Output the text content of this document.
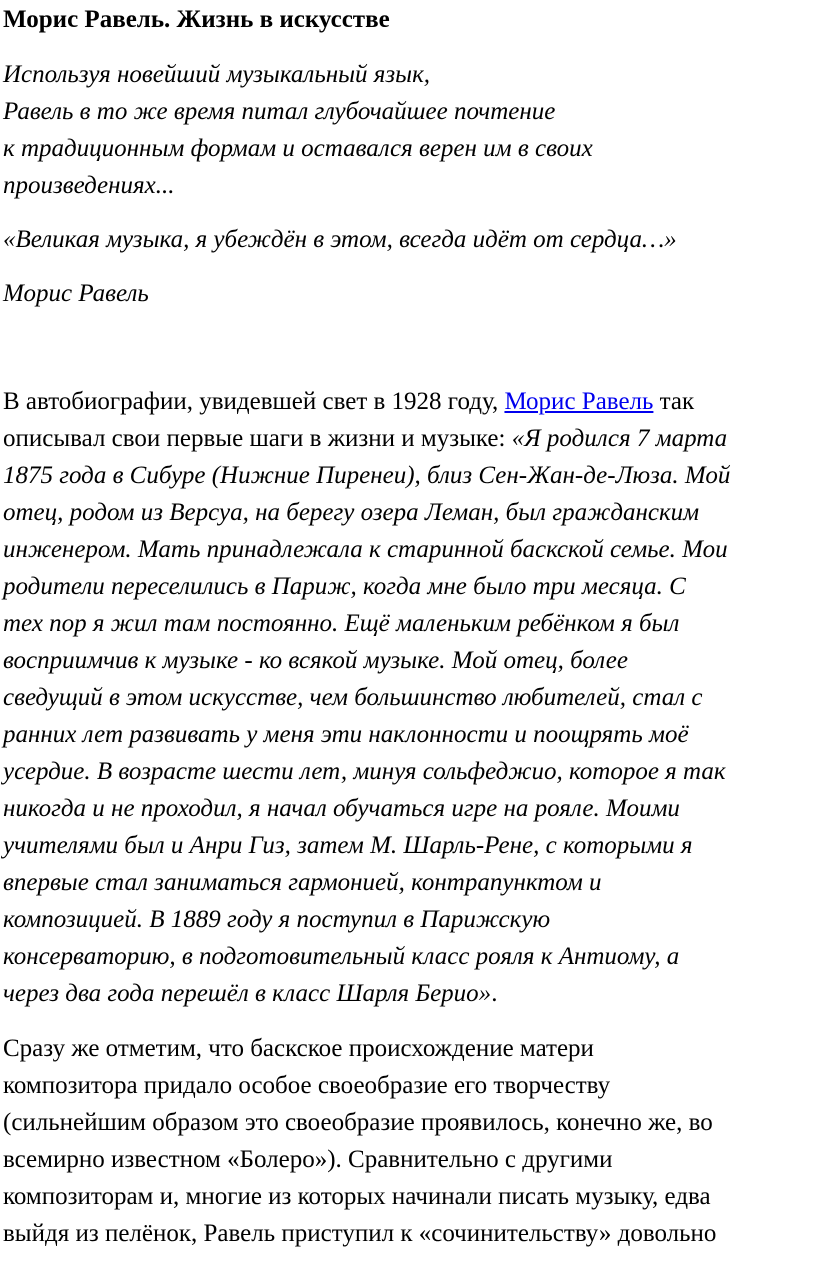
Морис Равель. Жизнь в искусстве
Используя новейший музыкальный язык,
Равель в то же время питал глубочайшее почтение
к традиционным формам и оставался верен им в своих
произведениях...
«Великая музыка, я убеждён в этом, всегда идёт от сердца…»
Морис Равель
В автобиографии, увидевшей свет в 1928 году, Морис Равель так
описывал свои первые шаги в жизни и музыке: «Я родился 7 марта
1875 года в Сибуре (Нижние Пиренеи), близ Сен-Жан-де-Люза. Мой
отец, родом из Версуа, на берегу озера Леман, был гражданским
инженером. Мать принадлежала к старинной баскской семье. Мои
родители переселились в Париж, когда мне было три месяца. С
тех пор я жил там постоянно. Ещё маленьким ребёнком я был
восприимчив к музыке - ко всякой музыке. Мой отец, более
сведущий в этом искусстве, чем большинство любителей, стал с
ранних лет развивать у меня эти наклонности и поощрять моё
усердие. В возрасте шести лет, минуя сольфеджио, которое я так
никогда и не проходил, я начал обучаться игре на рояле. Моими
учителями был и Анри Гиз, затем М. Шарль-Рене, с которыми я
впервые стал заниматься гармонией, контрапунктом и
композицией. В 1889 году я поступил в Парижскую
консерваторию, в подготовительный класс рояля к Антиому, а
через два года перешёл в класс Шарля Берио».
Сразу же отметим, что баскское происхождение матери
композитора придало особое своеобразие его творчеству
(сильнейшим образом это своеобразие проявилось, конечно же, во
всемирно известном «Болеро»). Сравнительно с другими
композиторам и, многие из которых начинали писать музыку, едва
выйдя из пелёнок, Равель приступил к «сочинительству» довольно
